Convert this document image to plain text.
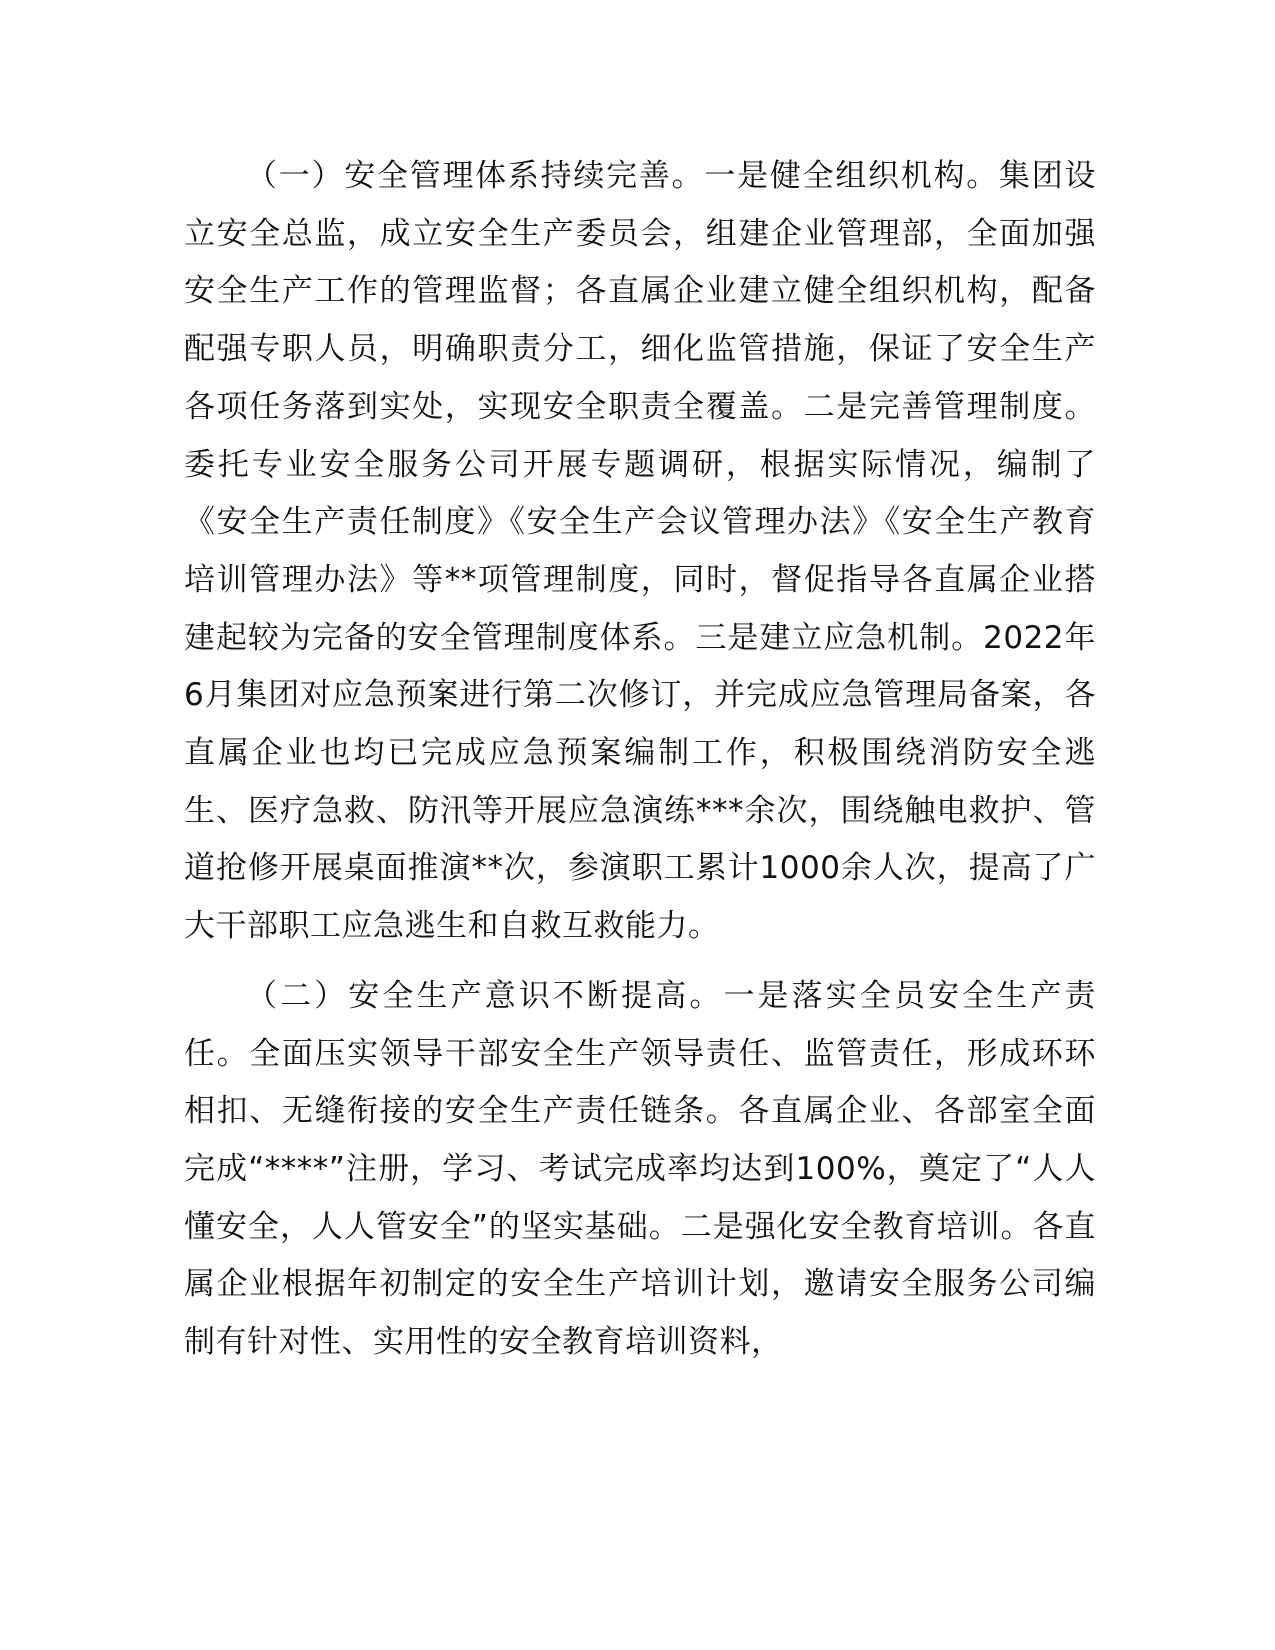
（一）安全管理体系持续完善。一是健全组织机构。集团设立安全总监，成立安全生产委员会，组建企业管理部，全面加强安全生产工作的管理监督；各直属企业建立健全组织机构，配备配强专职人员，明确职责分工，细化监管措施，保证了安全生产各项任务落到实处，实现安全职责全覆盖。二是完善管理制度。委托专业安全服务公司开展专题调研，根据实际情况，编制了《安全生产责任制度》《安全生产会议管理办法》《安全生产教育培训管理办法》等**项管理制度，同时，督促指导各直属企业搭建起较为完备的安全管理制度体系。三是建立应急机制。2022年6月集团对应急预案进行第二次修订，并完成应急管理局备案，各直属企业也均已完成应急预案编制工作，积极围绕消防安全逃生、医疗急救、防汛等开展应急演练***余次，围绕触电救护、管道抢修开展桌面推演**次，参演职工累计1000余人次，提高了广大干部职工应急逃生和自救互救能力。

（二）安全生产意识不断提高。一是落实全员安全生产责任。全面压实领导干部安全生产领导责任、监管责任，形成环环相扣、无缝衔接的安全生产责任链条。各直属企业、各部室全面完成“****”注册，学习、考试完成率均达到100%，奠定了“人人懂安全，人人管安全”的坚实基础。二是强化安全教育培训。各直属企业根据年初制定的安全生产培训计划，邀请安全服务公司编制有针对性、实用性的安全教育培训资料，
